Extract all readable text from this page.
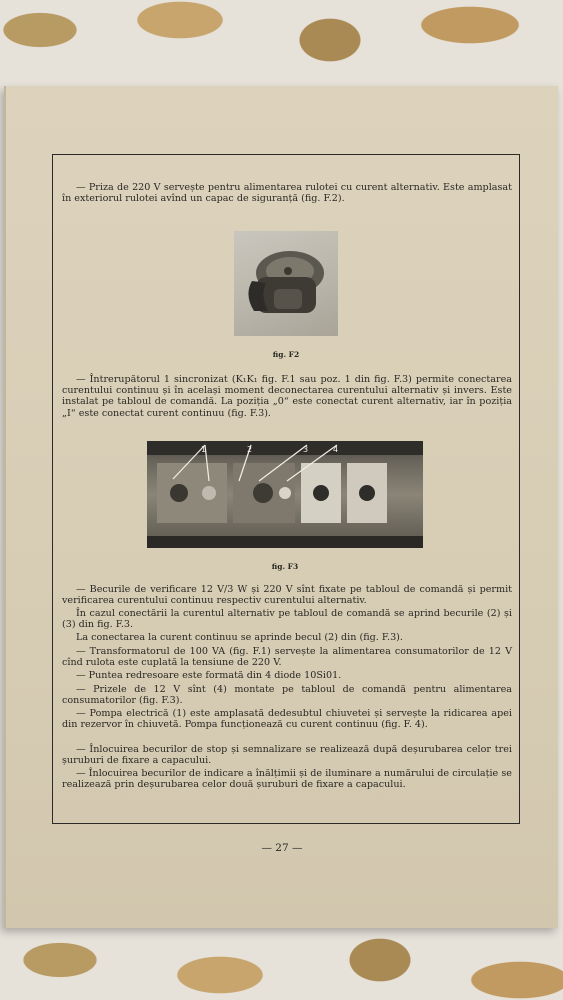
— Priza de 220 V servește pentru alimentarea rulotei cu curent alternativ. Este amplasat în exteriorul rulotei avînd un capac de siguranță (fig. F.2).

fig. F2

— Întrerupătorul 1 sincronizat (K₁K₁ fig. F.1 sau poz. 1 din fig. F.3) permite conectarea curentului continuu și în același moment deconectarea curentului alternativ și invers. Este instalat pe tabloul de comandă. La poziția „0“ este conectat curent alternativ, iar în poziția „I“ este conectat curent continuu (fig. F.3).

1	2	3	4
fig. F3

— Becurile de verificare 12 V/3 W și 220 V sînt fixate pe tabloul de comandă și permit verificarea curentului continuu respectiv curentului alternativ.

În cazul conectării la curentul alternativ pe tabloul de comandă se aprind becurile (2) și (3) din fig. F.3.

La conectarea la curent continuu se aprinde becul (2) din (fig. F.3).

— Transformatorul de 100 VA (fig. F.1) servește la alimentarea consumatorilor de 12 V cînd rulota este cuplată la tensiune de 220 V.

— Puntea redresoare este formată din 4 diode 10Si01.

— Prizele de 12 V sînt (4) montate pe tabloul de comandă pentru alimentarea consumatorilor (fig. F.3).

— Pompa electrică (1) este amplasată dedesubtul chiuvetei și servește la ridicarea apei din rezervor în chiuvetă. Pompa funcționează cu curent continuu (fig. F. 4).

— Înlocuirea becurilor de stop și semnalizare se realizează după deșurubarea celor trei șuruburi de fixare a capacului.

— Înlocuirea becurilor de indicare a înălțimii și de iluminare a numărului de circulație se realizează prin deșurubarea celor două șuruburi de fixare a capacului.

— 27 —
